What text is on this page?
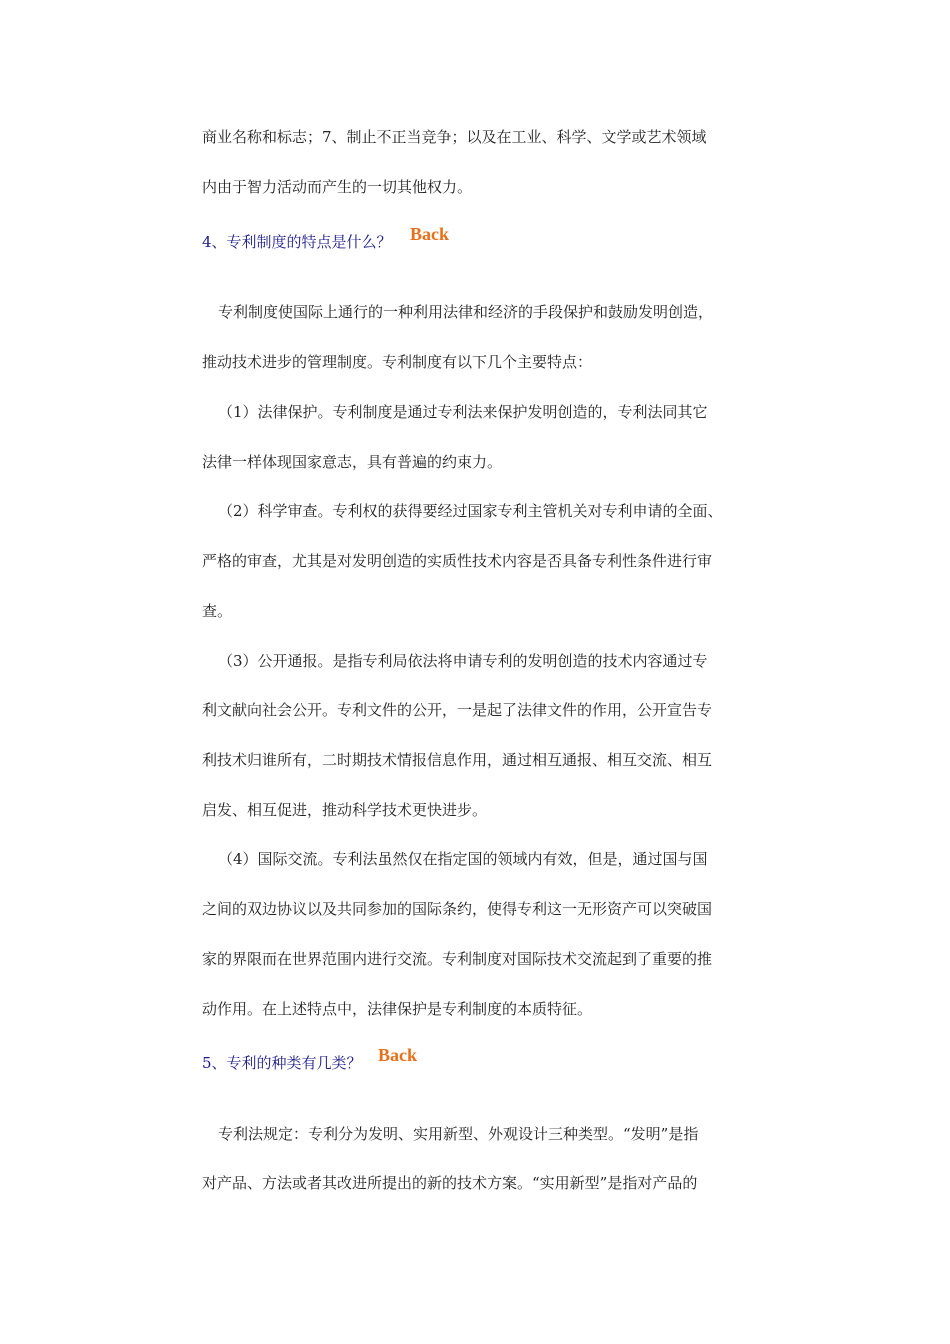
商业名称和标志；7、制止不正当竞争；以及在工业、科学、文学或艺术领域
内由于智力活动而产生的一切其他权力。
4、专利制度的特点是什么？ Back
专利制度使国际上通行的一种利用法律和经济的手段保护和鼓励发明创造，
推动技术进步的管理制度。专利制度有以下几个主要特点：
（1）法律保护。专利制度是通过专利法来保护发明创造的，专利法同其它
法律一样体现国家意志，具有普遍的约束力。
（2）科学审查。专利权的获得要经过国家专利主管机关对专利申请的全面、
严格的审查，尤其是对发明创造的实质性技术内容是否具备专利性条件进行审
查。
（3）公开通报。是指专利局依法将申请专利的发明创造的技术内容通过专
利文献向社会公开。专利文件的公开，一是起了法律文件的作用，公开宣告专
利技术归谁所有，二时期技术情报信息作用，通过相互通报、相互交流、相互
启发、相互促进，推动科学技术更快进步。
（4）国际交流。专利法虽然仅在指定国的领域内有效，但是，通过国与国
之间的双边协议以及共同参加的国际条约，使得专利这一无形资产可以突破国
家的界限而在世界范围内进行交流。专利制度对国际技术交流起到了重要的推
动作用。在上述特点中，法律保护是专利制度的本质特征。
5、专利的种类有几类？ Back
专利法规定：专利分为发明、实用新型、外观设计三种类型。“发明”是指
对产品、方法或者其改进所提出的新的技术方案。“实用新型”是指对产品的
